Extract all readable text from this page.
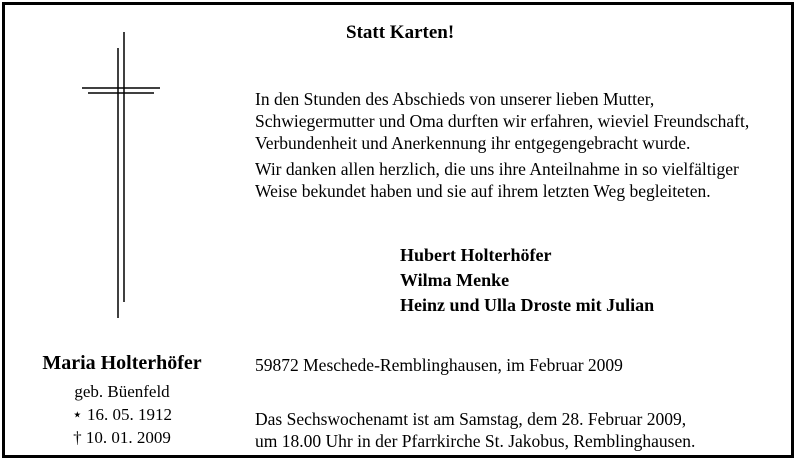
Statt Karten!
In den Stunden des Abschieds von unserer lieben Mutter,
Schwiegermutter und Oma durften wir erfahren, wieviel Freundschaft,
Verbundenheit und Anerkennung ihr entgegengebracht wurde.
Wir danken allen herzlich, die uns ihre Anteilnahme in so vielfältiger
Weise bekundet haben und sie auf ihrem letzten Weg begleiteten.
Hubert Holterhöfer
Wilma Menke
Heinz und Ulla Droste mit Julian
Maria Holterhöfer
geb. Büenfeld
⋆ 16. 05. 1912
† 10. 01. 2009
59872 Meschede-Remblinghausen, im Februar 2009
Das Sechswochenamt ist am Samstag, dem 28. Februar 2009,
um 18.00 Uhr in der Pfarrkirche St. Jakobus, Remblinghausen.
